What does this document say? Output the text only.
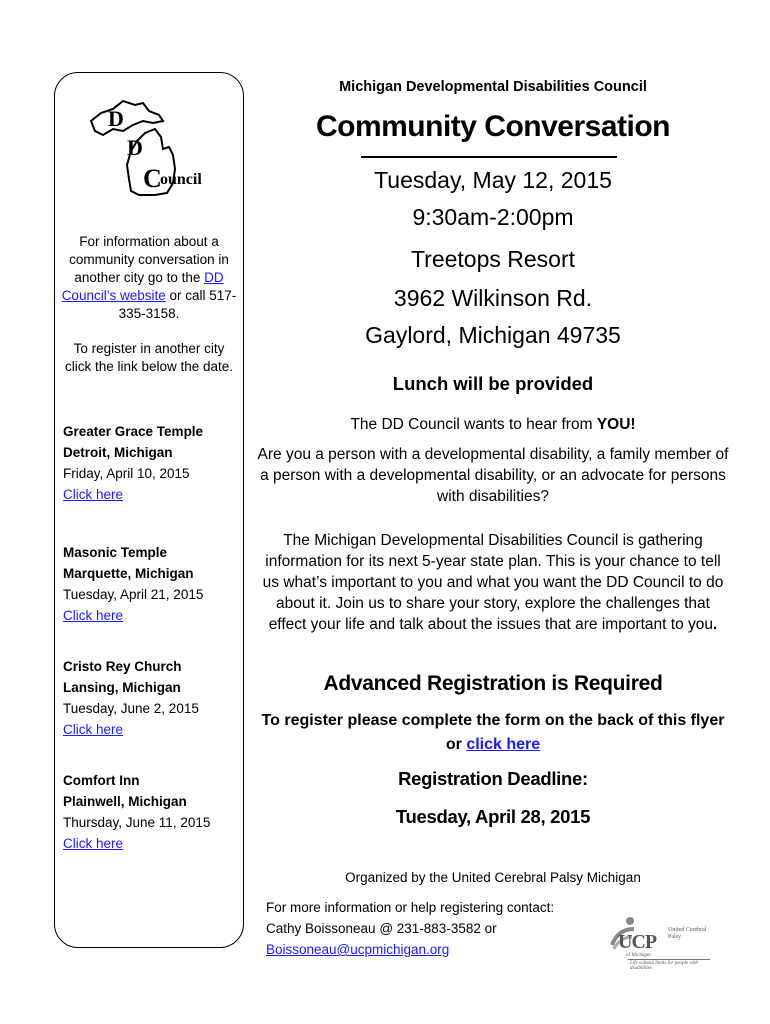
D
D
C
ouncil
For information about a community conversation in another city go to the DD Council’s website or call 517-335-3158.
To register in another city click the link below the date.
Greater Grace Temple
Detroit, Michigan
Friday, April 10, 2015
Click here
Masonic Temple
Marquette, Michigan
Tuesday, April 21, 2015
Click here
Cristo Rey Church
Lansing, Michigan
Tuesday, June 2, 2015
Click here
Comfort Inn
Plainwell, Michigan
Thursday, June 11, 2015
Click here
Michigan Developmental Disabilities Council
Community Conversation
Tuesday, May 12, 2015
9:30am-2:00pm
Treetops Resort
3962 Wilkinson Rd.
Gaylord, Michigan 49735
Lunch will be provided
The DD Council wants to hear from YOU!
Are you a person with a developmental disability, a family member of a person with a developmental disability, or an advocate for persons with disabilities?
The Michigan Developmental Disabilities Council is gathering information for its next 5-year state plan. This is your chance to tell us what’s important to you and what you want the DD Council to do about it. Join us to share your story, explore the challenges that effect your life and talk about the issues that are important to you.
Advanced Registration is Required
To register please complete the form on the back of this flyer or click here
Registration Deadline:
Tuesday, April 28, 2015
Organized by the United Cerebral Palsy Michigan
For more information or help registering contact:
Cathy Boissoneau @ 231-883-3582 or
Boissoneau@ucpmichigan.org	UCP
United Cerebral Palsy
of Michigan
Life without limits for people with disabilities
